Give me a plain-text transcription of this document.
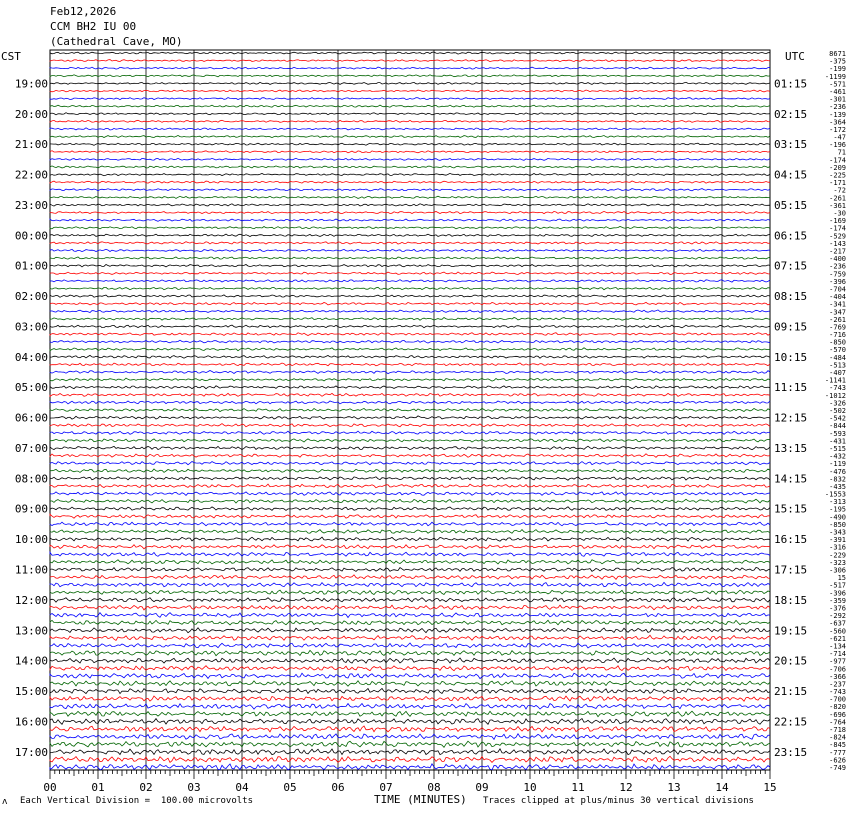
19:00
20:00
21:00
22:00
23:00
00:00
01:00
02:00
03:00
04:00
05:00
06:00
07:00
08:00
09:00
10:00
11:00
12:00
13:00
14:00
15:00
16:00
17:00
01:15
02:15
03:15
04:15
05:15
06:15
07:15
08:15
09:15
10:15
11:15
12:15
13:15
14:15
15:15
16:15
17:15
18:15
19:15
20:15
21:15
22:15
23:15
8671
-375
-199
-1199
-571
-461
-301
-236
-139
-364
-172
-47
-196
71
-174
-209
-225
-171
-72
-261
-361
-30
-169
-174
-529
-143
-217
-400
-236
-759
-396
-704
-404
-341
-347
-261
-769
-716
-850
-570
-484
-513
-407
-1141
-743
-1012
-326
-502
-542
-844
-593
-431
-515
-432
-119
-476
-832
-435
-1553
-313
-195
-490
-850
-343
-391
-316
-229
-323
-306
15
-517
-396
-359
-376
-292
-637
-560
-621
-134
-714
-977
-706
-366
-237
-743
-700
-820
-696
-764
-718
-824
-845
-777
-626
-749
00	01	02	03	04	05	06	07	08	09	10	11	12	13	14	15
Feb12,2026
CCM BH2 IU 00
(Cathedral Cave, MO)
CST	UTC
TIME (MINUTES)
ʌ Each Vertical Division =  100.00 microvolts	Traces clipped at plus/minus 30 vertical divisions
